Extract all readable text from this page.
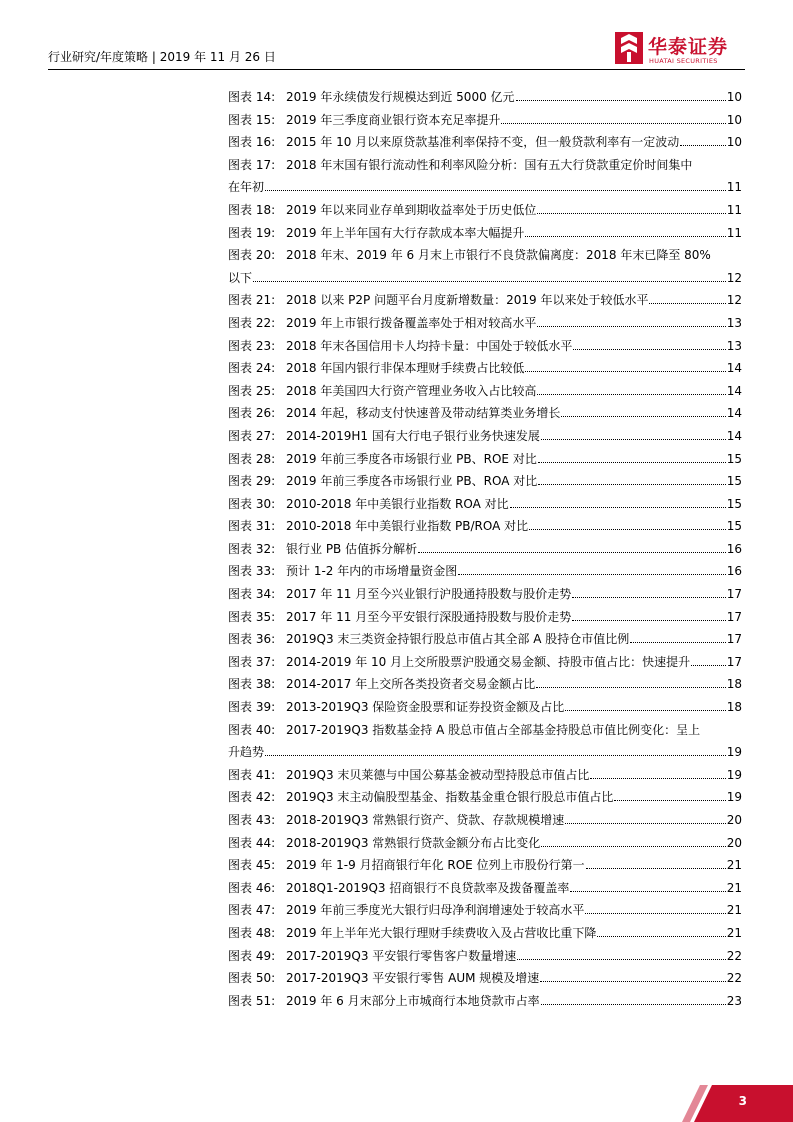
行业研究/年度策略 | 2019 年 11 月 26 日	华泰证券
HUATAI SECURITIES
图表 14: 2019 年永续债发行规模达到近 5000 亿元	10
图表 15: 2019 年三季度商业银行资本充足率提升	10
图表 16: 2015 年 10 月以来原贷款基准利率保持不变，但一般贷款利率有一定波动	10
图表 17: 2018 年末国有银行流动性和利率风险分析：国有五大行贷款重定价时间集中
在年初	11
图表 18: 2019 年以来同业存单到期收益率处于历史低位	11
图表 19: 2019 年上半年国有大行存款成本率大幅提升	11
图表 20: 2018 年末、2019 年 6 月末上市银行不良贷款偏离度：2018 年末已降至 80%
以下	12
图表 21: 2018 以来 P2P 问题平台月度新增数量：2019 年以来处于较低水平	12
图表 22: 2019 年上市银行拨备覆盖率处于相对较高水平	13
图表 23: 2018 年末各国信用卡人均持卡量：中国处于较低水平	13
图表 24: 2018 年国内银行非保本理财手续费占比较低	14
图表 25: 2018 年美国四大行资产管理业务收入占比较高	14
图表 26: 2014 年起，移动支付快速普及带动结算类业务增长	14
图表 27: 2014-2019H1 国有大行电子银行业务快速发展	14
图表 28: 2019 年前三季度各市场银行业 PB、ROE 对比	15
图表 29: 2019 年前三季度各市场银行业 PB、ROA 对比	15
图表 30: 2010-2018 年中美银行业指数 ROA 对比	15
图表 31: 2010-2018 年中美银行业指数 PB/ROA 对比	15
图表 32: 银行业 PB 估值拆分解析	16
图表 33: 预计 1-2 年内的市场增量资金图	16
图表 34: 2017 年 11 月至今兴业银行沪股通持股数与股价走势	17
图表 35: 2017 年 11 月至今平安银行深股通持股数与股价走势	17
图表 36: 2019Q3 末三类资金持银行股总市值占其全部 A 股持仓市值比例	17
图表 37: 2014-2019 年 10 月上交所股票沪股通交易金额、持股市值占比：快速提升	17
图表 38: 2014-2017 年上交所各类投资者交易金额占比	18
图表 39: 2013-2019Q3 保险资金股票和证券投资金额及占比	18
图表 40: 2017-2019Q3 指数基金持 A 股总市值占全部基金持股总市值比例变化：呈上
升趋势	19
图表 41: 2019Q3 末贝莱德与中国公募基金被动型持股总市值占比	19
图表 42: 2019Q3 末主动偏股型基金、指数基金重仓银行股总市值占比	19
图表 43: 2018-2019Q3 常熟银行资产、贷款、存款规模增速	20
图表 44: 2018-2019Q3 常熟银行贷款金额分布占比变化	20
图表 45: 2019 年 1-9 月招商银行年化 ROE 位列上市股份行第一	21
图表 46: 2018Q1-2019Q3 招商银行不良贷款率及拨备覆盖率	21
图表 47: 2019 年前三季度光大银行归母净利润增速处于较高水平	21
图表 48: 2019 年上半年光大银行理财手续费收入及占营收比重下降	21
图表 49: 2017-2019Q3 平安银行零售客户数量增速	22
图表 50: 2017-2019Q3 平安银行零售 AUM 规模及增速	22
图表 51: 2019 年 6 月末部分上市城商行本地贷款市占率	23
3
